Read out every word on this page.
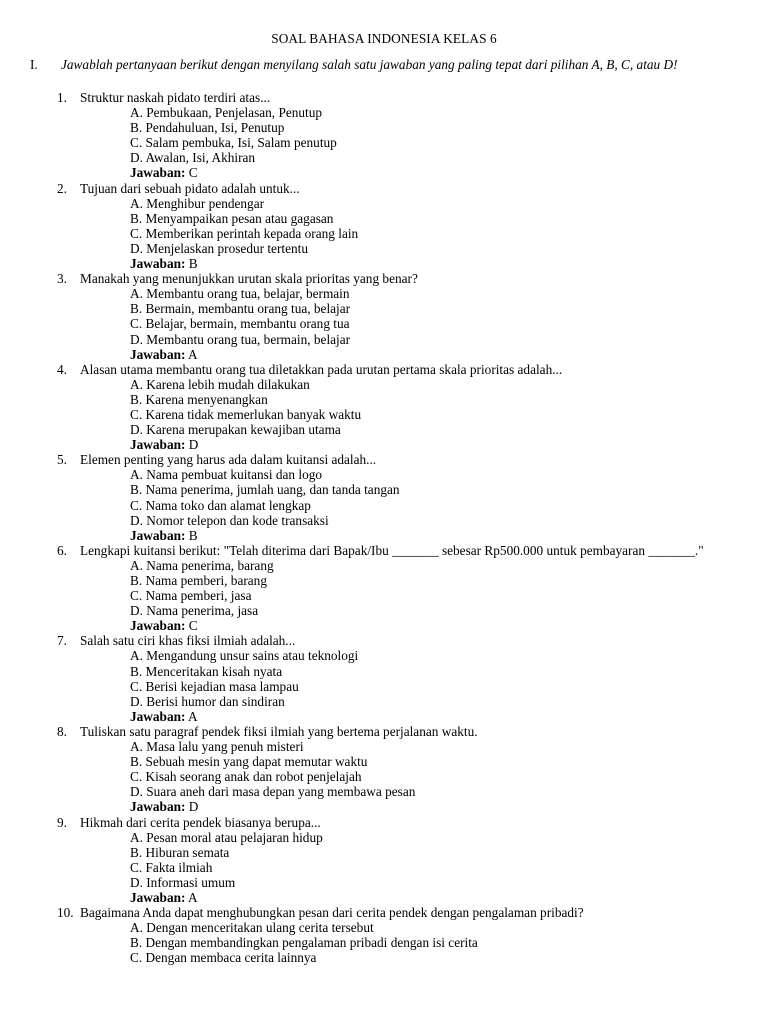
SOAL BAHASA INDONESIA KELAS 6
I. Jawablah pertanyaan berikut dengan menyilang salah satu jawaban yang paling tepat dari pilihan A, B, C, atau D!
1. Struktur naskah pidato terdiri atas...
A. Pembukaan, Penjelasan, Penutup
B. Pendahuluan, Isi, Penutup
C. Salam pembuka, Isi, Salam penutup
D. Awalan, Isi, Akhiran
Jawaban: C
2. Tujuan dari sebuah pidato adalah untuk...
A. Menghibur pendengar
B. Menyampaikan pesan atau gagasan
C. Memberikan perintah kepada orang lain
D. Menjelaskan prosedur tertentu
Jawaban: B
3. Manakah yang menunjukkan urutan skala prioritas yang benar?
A. Membantu orang tua, belajar, bermain
B. Bermain, membantu orang tua, belajar
C. Belajar, bermain, membantu orang tua
D. Membantu orang tua, bermain, belajar
Jawaban: A
4. Alasan utama membantu orang tua diletakkan pada urutan pertama skala prioritas adalah...
A. Karena lebih mudah dilakukan
B. Karena menyenangkan
C. Karena tidak memerlukan banyak waktu
D. Karena merupakan kewajiban utama
Jawaban: D
5. Elemen penting yang harus ada dalam kuitansi adalah...
A. Nama pembuat kuitansi dan logo
B. Nama penerima, jumlah uang, dan tanda tangan
C. Nama toko dan alamat lengkap
D. Nomor telepon dan kode transaksi
Jawaban: B
6. Lengkapi kuitansi berikut: "Telah diterima dari Bapak/Ibu _______ sebesar Rp500.000 untuk pembayaran _______."
A. Nama penerima, barang
B. Nama pemberi, barang
C. Nama pemberi, jasa
D. Nama penerima, jasa
Jawaban: C
7. Salah satu ciri khas fiksi ilmiah adalah...
A. Mengandung unsur sains atau teknologi
B. Menceritakan kisah nyata
C. Berisi kejadian masa lampau
D. Berisi humor dan sindiran
Jawaban: A
8. Tuliskan satu paragraf pendek fiksi ilmiah yang bertema perjalanan waktu.
A. Masa lalu yang penuh misteri
B. Sebuah mesin yang dapat memutar waktu
C. Kisah seorang anak dan robot penjelajah
D. Suara aneh dari masa depan yang membawa pesan
Jawaban: D
9. Hikmah dari cerita pendek biasanya berupa...
A. Pesan moral atau pelajaran hidup
B. Hiburan semata
C. Fakta ilmiah
D. Informasi umum
Jawaban: A
10. Bagaimana Anda dapat menghubungkan pesan dari cerita pendek dengan pengalaman pribadi?
A. Dengan menceritakan ulang cerita tersebut
B. Dengan membandingkan pengalaman pribadi dengan isi cerita
C. Dengan membaca cerita lainnya
